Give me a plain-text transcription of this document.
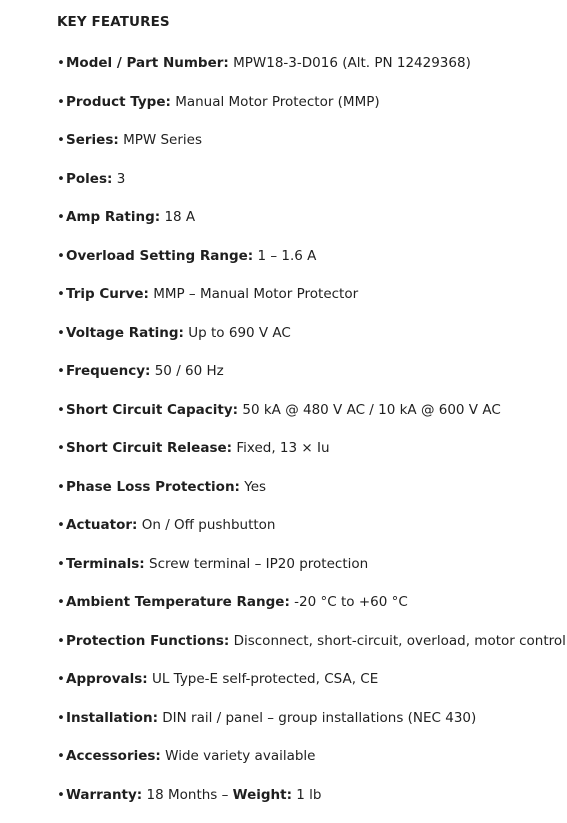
KEY FEATURES
•Model / Part Number: MPW18-3-D016 (Alt. PN 12429368)
•Product Type: Manual Motor Protector (MMP)
•Series: MPW Series
•Poles: 3
•Amp Rating: 18 A
•Overload Setting Range: 1 – 1.6 A
•Trip Curve: MMP – Manual Motor Protector
•Voltage Rating: Up to 690 V AC
•Frequency: 50 / 60 Hz
•Short Circuit Capacity: 50 kA @ 480 V AC / 10 kA @ 600 V AC
•Short Circuit Release: Fixed, 13 × Iu
•Phase Loss Protection: Yes
•Actuator: On / Off pushbutton
•Terminals: Screw terminal – IP20 protection
•Ambient Temperature Range: -20 °C to +60 °C
•Protection Functions: Disconnect, short-circuit, overload, motor control
•Approvals: UL Type-E self-protected, CSA, CE
•Installation: DIN rail / panel – group installations (NEC 430)
•Accessories: Wide variety available
•Warranty: 18 Months – Weight: 1 lb
